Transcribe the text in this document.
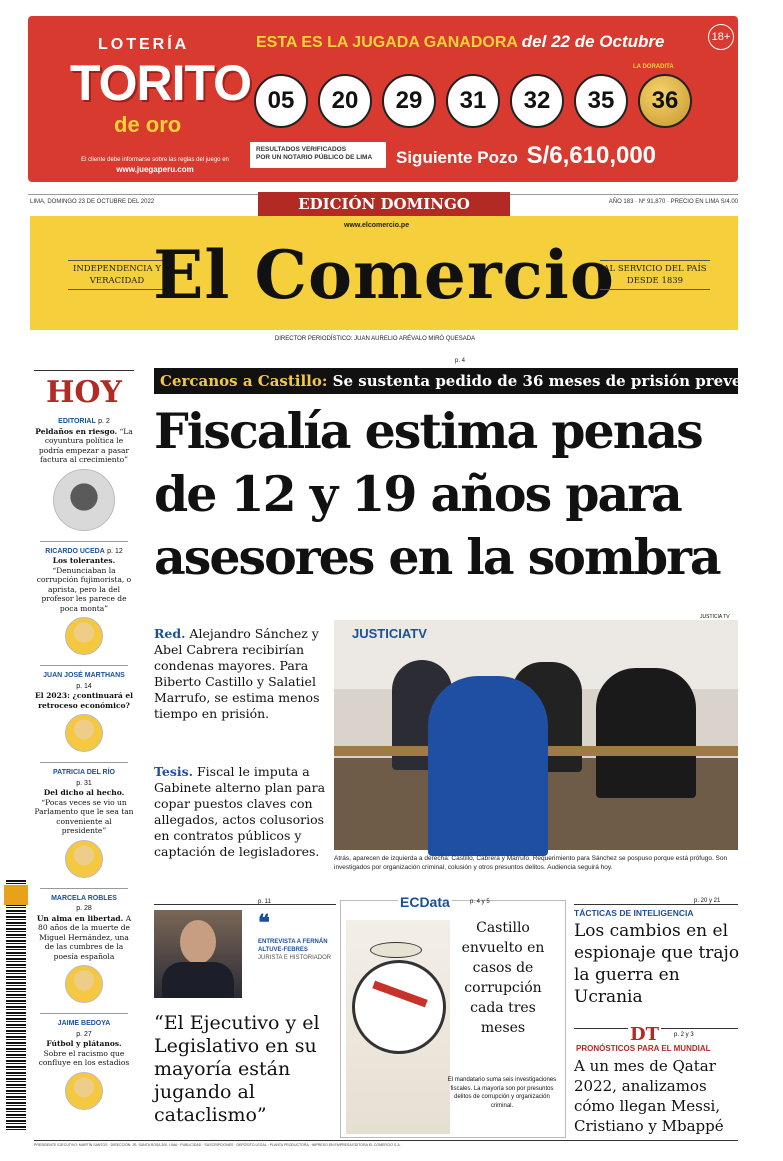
LOTERÍA
TORITO
de oro
El cliente debe informarse sobre las reglas del juego en
www.juegaperu.com
ESTA ES LA JUGADA GANADORA del 22 de Octubre	18+
LA DORADITA
05	20	29	31	32	35	36
RESULTADOS VERIFICADOS
POR UN NOTARIO PÚBLICO DE LIMA	Siguiente Pozo S/6,610,000
LIMA, DOMINGO 23 DE OCTUBRE DEL 2022	AÑO 183 · Nº 91,870 · PRECIO EN LIMA S/4.00
EDICIÓN DOMINGO
www.elcomercio.pe
INDEPENDENCIA Y VERACIDAD El Comercio
AL SERVICIO DEL PAÍS DESDE 1839
DIRECTOR PERIODÍSTICO: JUAN AURELIO ARÉVALO MIRÓ QUESADA
HOY
EDITORIAL p. 2
Peldaños en riesgo. “La coyuntura política le podría empezar a pasar factura al crecimiento”
RICARDO UCEDA p. 12
Los tolerantes.
“Denunciaban la corrupción fujimorista, o aprista, pero la del profesor les parece de poca monta”
JUAN JOSÉ MARTHANS
p. 14
El 2023: ¿continuará el retroceso económico?
PATRICIA DEL RÍO
p. 31
Del dicho al hecho.
“Pocas veces se vio un Parlamento que le sea tan conveniente al presidente”
MARCELA ROBLES
p. 28
Un alma en libertad. A 80 años de la muerte de Miguel Hernández, una de las cumbres de la poesía española
JAIME BEDOYA
p. 27
Fútbol y plátanos.
Sobre el racismo que confluye en los estadios
p. 4
Cercanos a Castillo: Se sustenta pedido de 36 meses de prisión preventiva
Fiscalía estima penas de 12 y 19 años para asesores en la sombra
Red. Alejandro Sánchez y Abel Cabrera recibirían condenas mayores. Para Biberto Castillo y Salatiel Marrufo, se estima menos tiempo en prisión.
Tesis. Fiscal le imputa a Gabinete alterno plan para copar puestos claves con allegados, actos colusorios en contratos públicos y captación de legisladores.
JUSTICIA TV
JUSTICIATV
Atrás, aparecen de izquierda a derecha: Castillo, Cabrera y Marrufo. Requerimiento para Sánchez se pospuso porque está prófugo. Son investigados por organización criminal, colusión y otros presuntos delitos. Audiencia seguirá hoy.
p. 11
❝
ENTREVISTA A FERNÁN ALTUVE-FEBRES
JURISTA E HISTORIADOR
“El Ejecutivo y el Legislativo en su mayoría están jugando al cataclismo”
ECData	p. 4 y 5
Castillo envuelto en casos de corrupción cada tres meses
El mandatario suma seis investigaciones fiscales. La mayoría son por presuntos delitos de corrupción y organización criminal.
p. 20 y 21
TÁCTICAS DE INTELIGENCIA
Los cambios en el espionaje que trajo la guerra en Ucrania
DT	p. 2 y 3
PRONÓSTICOS PARA EL MUNDIAL
A un mes de Qatar 2022, analizamos cómo llegan Messi, Cristiano y Mbappé
PRESIDENTE EJECUTIVO: MARTÍN SANTOS · DIRECCIÓN: JR. SANTA ROSA 300, LIMA · PUBLICIDAD · SUSCRIPCIONES · DEPÓSITO LEGAL · PLANTA PRODUCTORA · IMPRESO EN EMPRESA EDITORA EL COMERCIO S.A.
